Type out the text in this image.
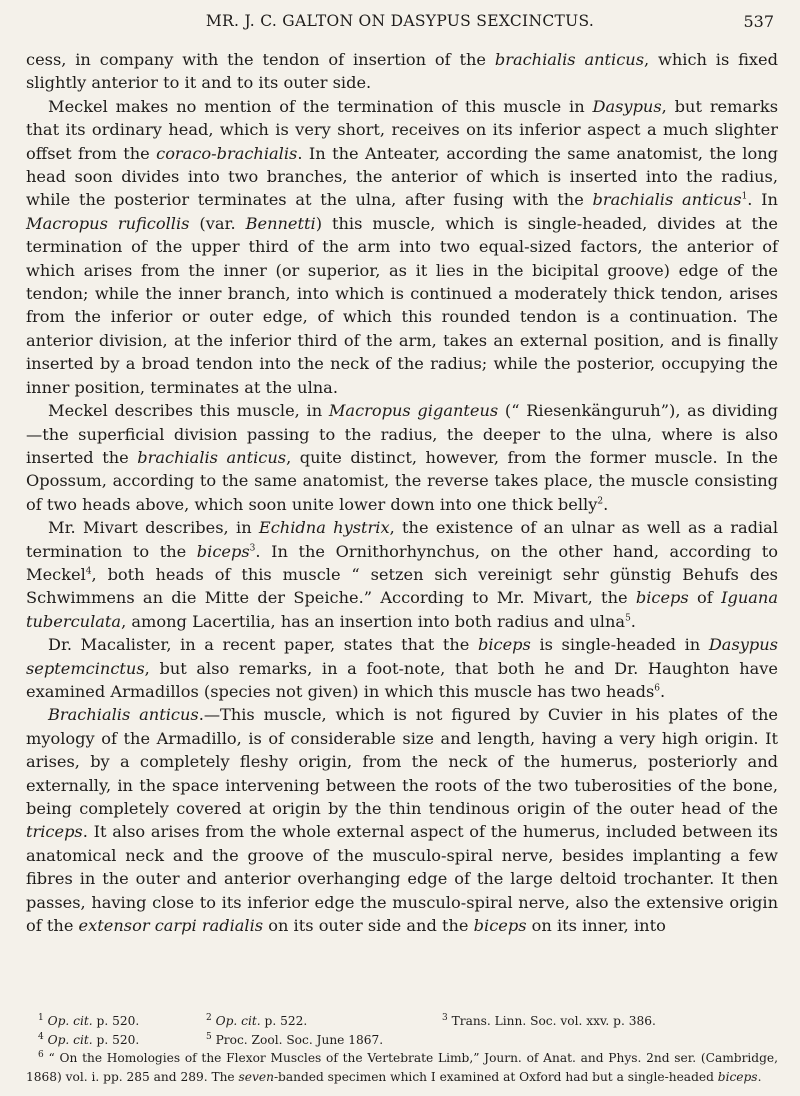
MR. J. C. GALTON ON DASYPUS SEXCINCTUS.	537

cess, in company with the tendon of insertion of the brachialis anticus, which is fixed slightly anterior to it and to its outer side.

Meckel makes no mention of the termination of this muscle in Dasypus, but remarks that its ordinary head, which is very short, receives on its inferior aspect a much slighter offset from the coraco-brachialis. In the Anteater, according the same anatomist, the long head soon divides into two branches, the anterior of which is inserted into the radius, while the posterior terminates at the ulna, after fusing with the brachialis anticus$^1$. In Macropus ruficollis (var. Bennetti) this muscle, which is single-headed, divides at the termination of the upper third of the arm into two equal-sized factors, the anterior of which arises from the inner (or superior, as it lies in the bicipital groove) edge of the tendon; while the inner branch, into which is continued a moderately thick tendon, arises from the inferior or outer edge, of which this rounded tendon is a continuation. The anterior division, at the inferior third of the arm, takes an external position, and is finally inserted by a broad tendon into the neck of the radius; while the posterior, occupying the inner position, terminates at the ulna.

Meckel describes this muscle, in Macropus giganteus (“ Riesenkänguruh”), as dividing —the superficial division passing to the radius, the deeper to the ulna, where is also inserted the brachialis anticus, quite distinct, however, from the former muscle. In the Opossum, according to the same anatomist, the reverse takes place, the muscle consisting of two heads above, which soon unite lower down into one thick belly$^2$.

Mr. Mivart describes, in Echidna hystrix, the existence of an ulnar as well as a radial termination to the biceps$^3$. In the Ornithorhynchus, on the other hand, according to Meckel$^4$, both heads of this muscle “ setzen sich vereinigt sehr günstig Behufs des Schwimmens an die Mitte der Speiche.” According to Mr. Mivart, the biceps of Iguana tuberculata, among Lacertilia, has an insertion into both radius and ulna$^5$.

Dr. Macalister, in a recent paper, states that the biceps is single-headed in Dasypus septemcinctus, but also remarks, in a foot-note, that both he and Dr. Haughton have examined Armadillos (species not given) in which this muscle has two heads$^6$.

Brachialis anticus.—This muscle, which is not figured by Cuvier in his plates of the myology of the Armadillo, is of considerable size and length, having a very high origin. It arises, by a completely fleshy origin, from the neck of the humerus, posteriorly and externally, in the space intervening between the roots of the two tuberosities of the bone, being completely covered at origin by the thin tendinous origin of the outer head of the triceps. It also arises from the whole external aspect of the humerus, included between its anatomical neck and the groove of the musculo-spiral nerve, besides implanting a few fibres in the outer and anterior overhanging edge of the large deltoid trochanter. It then passes, having close to its inferior edge the musculo-spiral nerve, also the extensive origin of the extensor carpi radialis on its outer side and the biceps on its inner, into

$^1$ Op. cit. p. 520.	$^2$ Op. cit. p. 522.	$^3$ Trans. Linn. Soc. vol. xxv. p. 386.
$^4$ Op. cit. p. 520.	$^5$ Proc. Zool. Soc. June 1867.
$^6$ “ On the Homologies of the Flexor Muscles of the Vertebrate Limb,” Journ. of Anat. and Phys. 2nd ser. (Cambridge, 1868) vol. i. pp. 285 and 289. The seven-banded specimen which I examined at Oxford had but a single-headed biceps.
